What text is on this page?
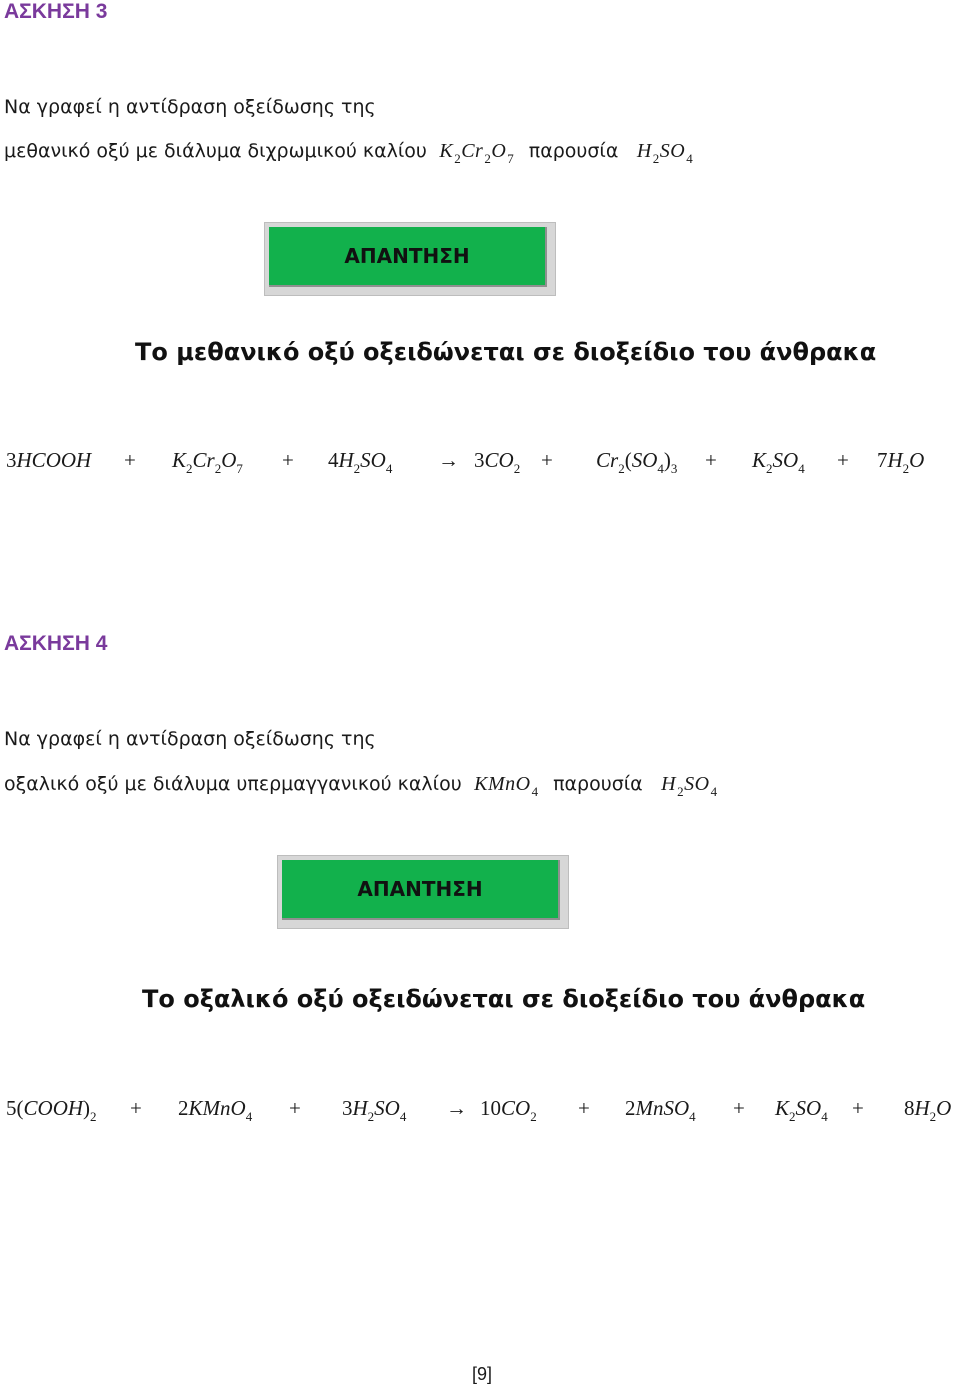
ΑΣΚΗΣΗ 3
Να γραφεί η αντίδραση οξείδωσης της
μεθανικό οξύ με διάλυμα διχρωμικού καλίου $K_2Cr_2O_7$ παρουσία $H_2SO_4$
ΑΠΑΝΤΗΣΗ
Το μεθανικό οξύ οξειδώνεται σε διοξείδιο του άνθρακα
3HCOOH + $K_2Cr_2O_7 + 4H_2SO_4 \to 3CO_2 + Cr_2(SO_4)_3 + K_2SO_4 + 7H_2O$
ΑΣΚΗΣΗ 4
Να γραφεί η αντίδραση οξείδωσης της
οξαλικό οξύ με διάλυμα υπερμαγγανικού καλίου KMnO$_4$ παρουσία $H_2SO_4$
ΑΠΑΝΤΗΣΗ
Το οξαλικό οξύ οξειδώνεται σε διοξείδιο του άνθρακα
$5(COOH)_2$ + 2KMnO$_4$ + $3H_2SO_4 \to 10CO_2$ + 2MnSO$_4$ + $K_2SO_4 + 8H_2O$
[9]
